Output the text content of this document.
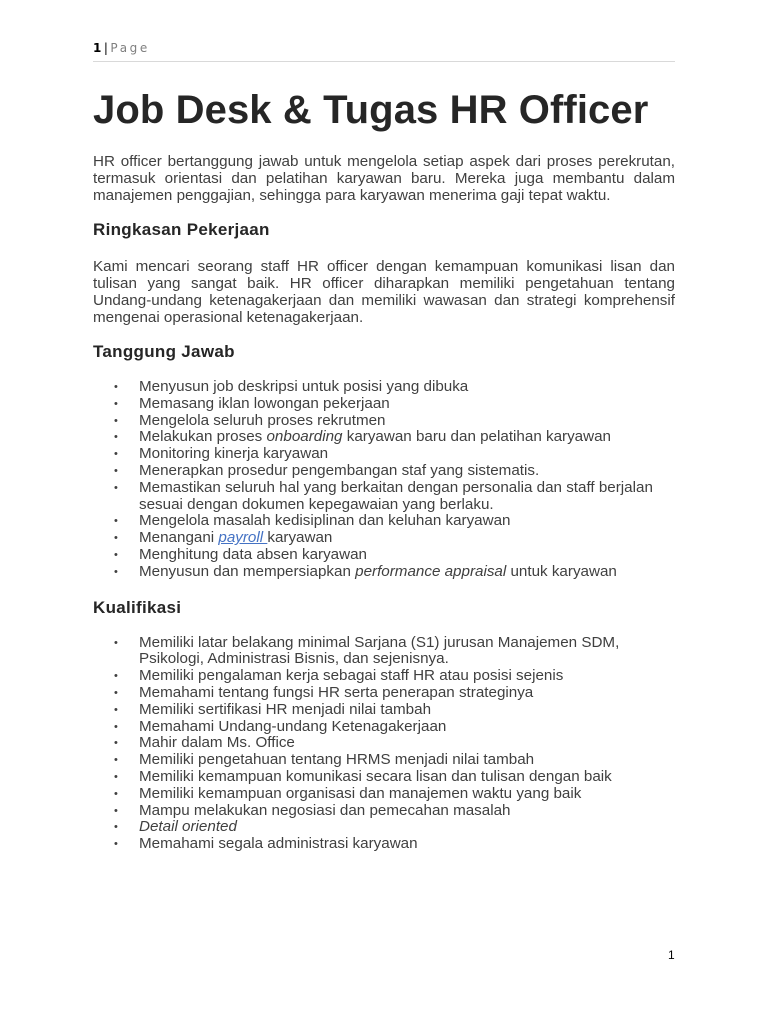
1 | Page
Job Desk & Tugas HR Officer

HR officer bertanggung jawab untuk mengelola setiap aspek dari proses perekrutan, termasuk orientasi dan pelatihan karyawan baru. Mereka juga membantu dalam manajemen penggajian, sehingga para karyawan menerima gaji tepat waktu.

Ringkasan Pekerjaan

Kami mencari seorang staff HR officer dengan kemampuan komunikasi lisan dan tulisan yang sangat baik. HR officer diharapkan memiliki pengetahuan tentang Undang-undang ketenagakerjaan dan memiliki wawasan dan strategi komprehensif mengenai operasional ketenagakerjaan.

Tanggung Jawab
• Menyusun job deskripsi untuk posisi yang dibuka
• Memasang iklan lowongan pekerjaan
• Mengelola seluruh proses rekrutmen
• Melakukan proses onboarding karyawan baru dan pelatihan karyawan
• Monitoring kinerja karyawan
• Menerapkan prosedur pengembangan staf yang sistematis.
• Memastikan seluruh hal yang berkaitan dengan personalia dan staff berjalan sesuai dengan dokumen kepegawaian yang berlaku.
• Mengelola masalah kedisiplinan dan keluhan karyawan
• Menangani payroll karyawan
• Menghitung data absen karyawan
• Menyusun dan mempersiapkan performance appraisal untuk karyawan
Kualifikasi
• Memiliki latar belakang minimal Sarjana (S1) jurusan Manajemen SDM, Psikologi, Administrasi Bisnis, dan sejenisnya.
• Memiliki pengalaman kerja sebagai staff HR atau posisi sejenis
• Memahami tentang fungsi HR serta penerapan strateginya
• Memiliki sertifikasi HR menjadi nilai tambah
• Memahami Undang-undang Ketenagakerjaan
• Mahir dalam Ms. Office
• Memiliki pengetahuan tentang HRMS menjadi nilai tambah
• Memiliki kemampuan komunikasi secara lisan dan tulisan dengan baik
• Memiliki kemampuan organisasi dan manajemen waktu yang baik
• Mampu melakukan negosiasi dan pemecahan masalah
• Detail oriented
• Memahami segala administrasi karyawan
1
